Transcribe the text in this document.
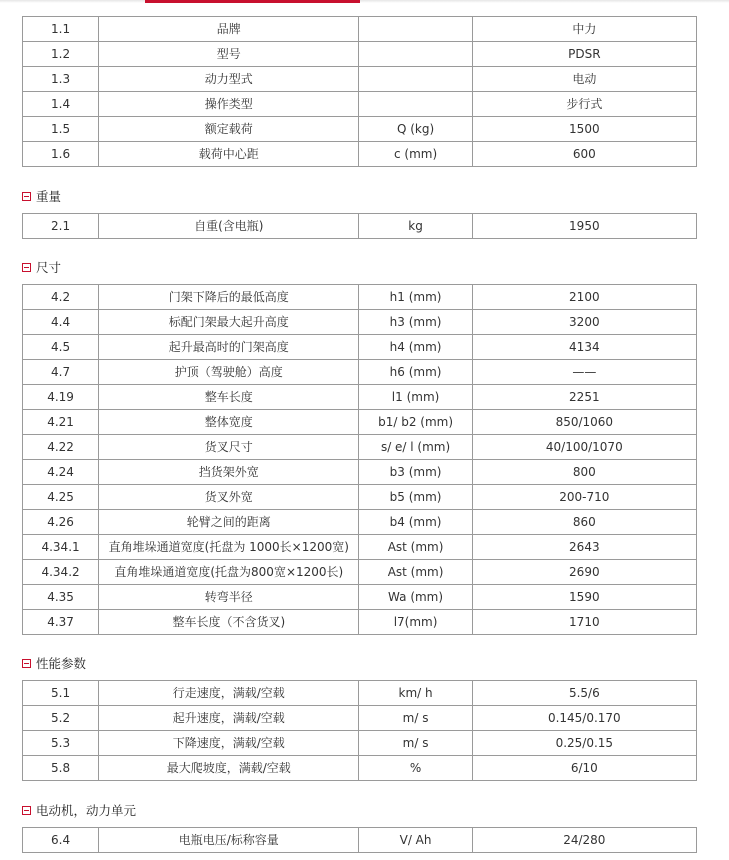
1.1	品牌		中力
1.2	型号		PDSR
1.3	动力型式		电动
1.4	操作类型		步行式
1.5	额定载荷	Q (kg)	1500
1.6	载荷中心距	c (mm)	600
重量
2.1	自重(含电瓶)	kg	1950
尺寸
4.2	门架下降后的最低高度	h1 (mm)	2100
4.4	标配门架最大起升高度	h3 (mm)	3200
4.5	起升最高时的门架高度	h4 (mm)	4134
4.7	护顶（驾驶舱）高度	h6 (mm)	——
4.19	整车长度	l1 (mm)	2251
4.21	整体宽度	b1/ b2 (mm)	850/1060
4.22	货叉尺寸	s/ e/ l (mm)	40/100/1070
4.24	挡货架外宽	b3 (mm)	800
4.25	货叉外宽	b5 (mm)	200-710
4.26	轮臂之间的距离	b4 (mm)	860
4.34.1	直角堆垛通道宽度(托盘为 1000长×1200宽)	Ast (mm)	2643
4.34.2	直角堆垛通道宽度(托盘为800宽×1200长)	Ast (mm)	2690
4.35	转弯半径	Wa (mm)	1590
4.37	整车长度（不含货叉)	l7(mm)	1710
性能参数
5.1	行走速度，满载/空载	km/ h	5.5/6
5.2	起升速度，满载/空载	m/ s	0.145/0.170
5.3	下降速度，满载/空载	m/ s	0.25/0.15
5.8	最大爬坡度，满载/空载	%	6/10
电动机，动力单元
6.4	电瓶电压/标称容量	V/ Ah	24/280
